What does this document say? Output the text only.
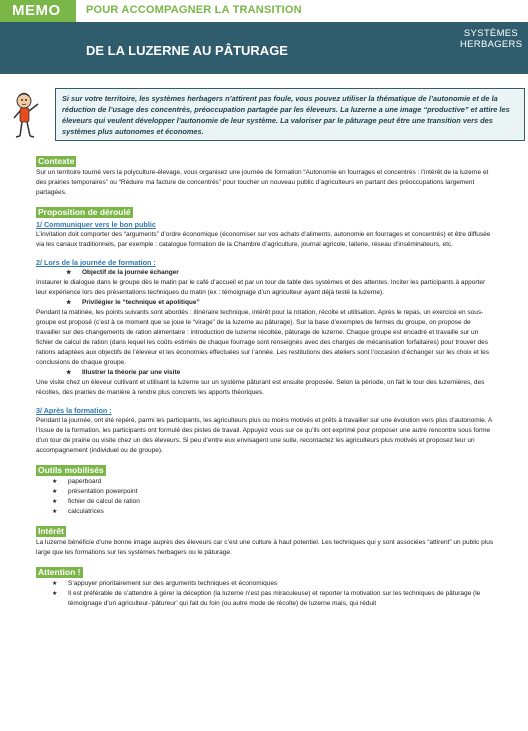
MEMO	POUR ACCOMPAGNER LA TRANSITION
DE LA LUZERNE AU PÂTURAGE
SYSTÈMES
HERBAGERS
Si sur votre territoire, les systèmes herbagers n’attirent pas foule, vous pouvez utiliser la thématique de l’autonomie et de la réduction de l’usage des concentrés, préoccupation partagée par les éleveurs. La luzerne a une image “productive” et attire les éleveurs qui veulent développer l’autonomie de leur système. La valoriser par le pâturage peut être une transition vers des systèmes plus autonomes et économes.
Contexte

Sur un territoire tourné vers la polyculture-élevage, vous organisez une journée de formation “Autonomie en fourrages et concentrés : l’intérêt de la luzerne et des prairies temporaires” ou “Réduire ma facture de concentrés” pour toucher un nouveau public d’agriculteurs en partant des préoccupations largement partagées.

Proposition de déroulé
1/ Communiquer vers le bon public

L’invitation doit comporter des “arguments” d’ordre économique (économiser sur vos achats d’aliments, autonomie en fourrages et concentrés) et être diffusée via les canaux traditionnels, par exemple : catalogue formation de la Chambre d’agriculture, journal agricole, laiterie, réseau d’inséminateurs, etc.

2/ Lors de la journée de formation :
★ Objectif de la journée échanger

Instaurer le dialogue dans le groupe dès le matin par le café d’accueil et par un tour de table des systèmes et des attentes. Inciter les participants à apporter leur expérience lors des présentations techniques du matin (ex : témoignage d’un agriculteur ayant déjà testé la luzerne).

★ Privilégier le “technique et apolitique”

Pendant la matinée, les points suivants sont abordés : itinéraire technique, intérêt pour la rotation, récolte et utilisation. Après le repas, un exercice en sous-groupe est proposé (c’est à ce moment que se joue le “virage” de la luzerne au pâturage). Sur la base d’exemples de fermes du groupe, on propose de travailler sur des changements de ration alimentaire : introduction de luzerne récoltée, pâturage de luzerne. Chaque groupe est encadré et travaille sur un fichier de calcul de ration (dans lequel les coûts estimés de chaque fourrage sont renseignés avec des charges de mécanisation forfaitaires) pour trouver des rations adaptées aux objectifs de l’éleveur et les économies effectuées sur l’année. Les restitutions des ateliers sont l’occasion d’échanger sur les choix et les conclusions de chaque groupe.

★ Illustrer la théorie par une visite

Une visite chez un éleveur cultivant et utilisant la luzerne sur un système pâturant est ensuite proposée. Selon la période, on fait le tour des luzernières, des récoltes, des prairies de manière à rendre plus concrets les apports théoriques.

3/ Après la formation :

Pendant la journée, ont été repéré, parmi les participants, les agriculteurs plus ou moins motivés et prêts à travailler sur une évolution vers plus d’autonomie. A l’issue de la formation, les participants ont formulé des pistes de travail. Appuyez vous sur ce qu’ils ont exprimé pour proposer une autre rencontre sous forme d’un tour de prairie ou visite chez un des éleveurs. Si peu d’entre eux envisagent une suite, recontactez les agriculteurs plus motivés et proposez leur un accompagnement (individuel ou de groupe).

Outils mobilisés
★ paperboard
★ présentation powerpoint
★ fichier de calcul de ration
★ calculatrices
Intérêt

La luzerne bénéficie d’une bonne image auprès des éleveurs car c’est une culture à haut potentiel. Les techniques qui y sont associées “attirent” un public plus large que les formations sur les systèmes herbagers ou le pâturage.

Attention !
★ S’appuyer prioritairement sur des arguments techniques et économiques
★ Il est préférable de s’attendre à gérer la déception (la luzerne n’est pas miraculeuse) et reporter la motivation sur les techniques de pâturage (le témoignage d’un agriculteur-’pâtureur’ qui fait du foin (ou autre mode de récolte) de luzerne mais, qui réduit
